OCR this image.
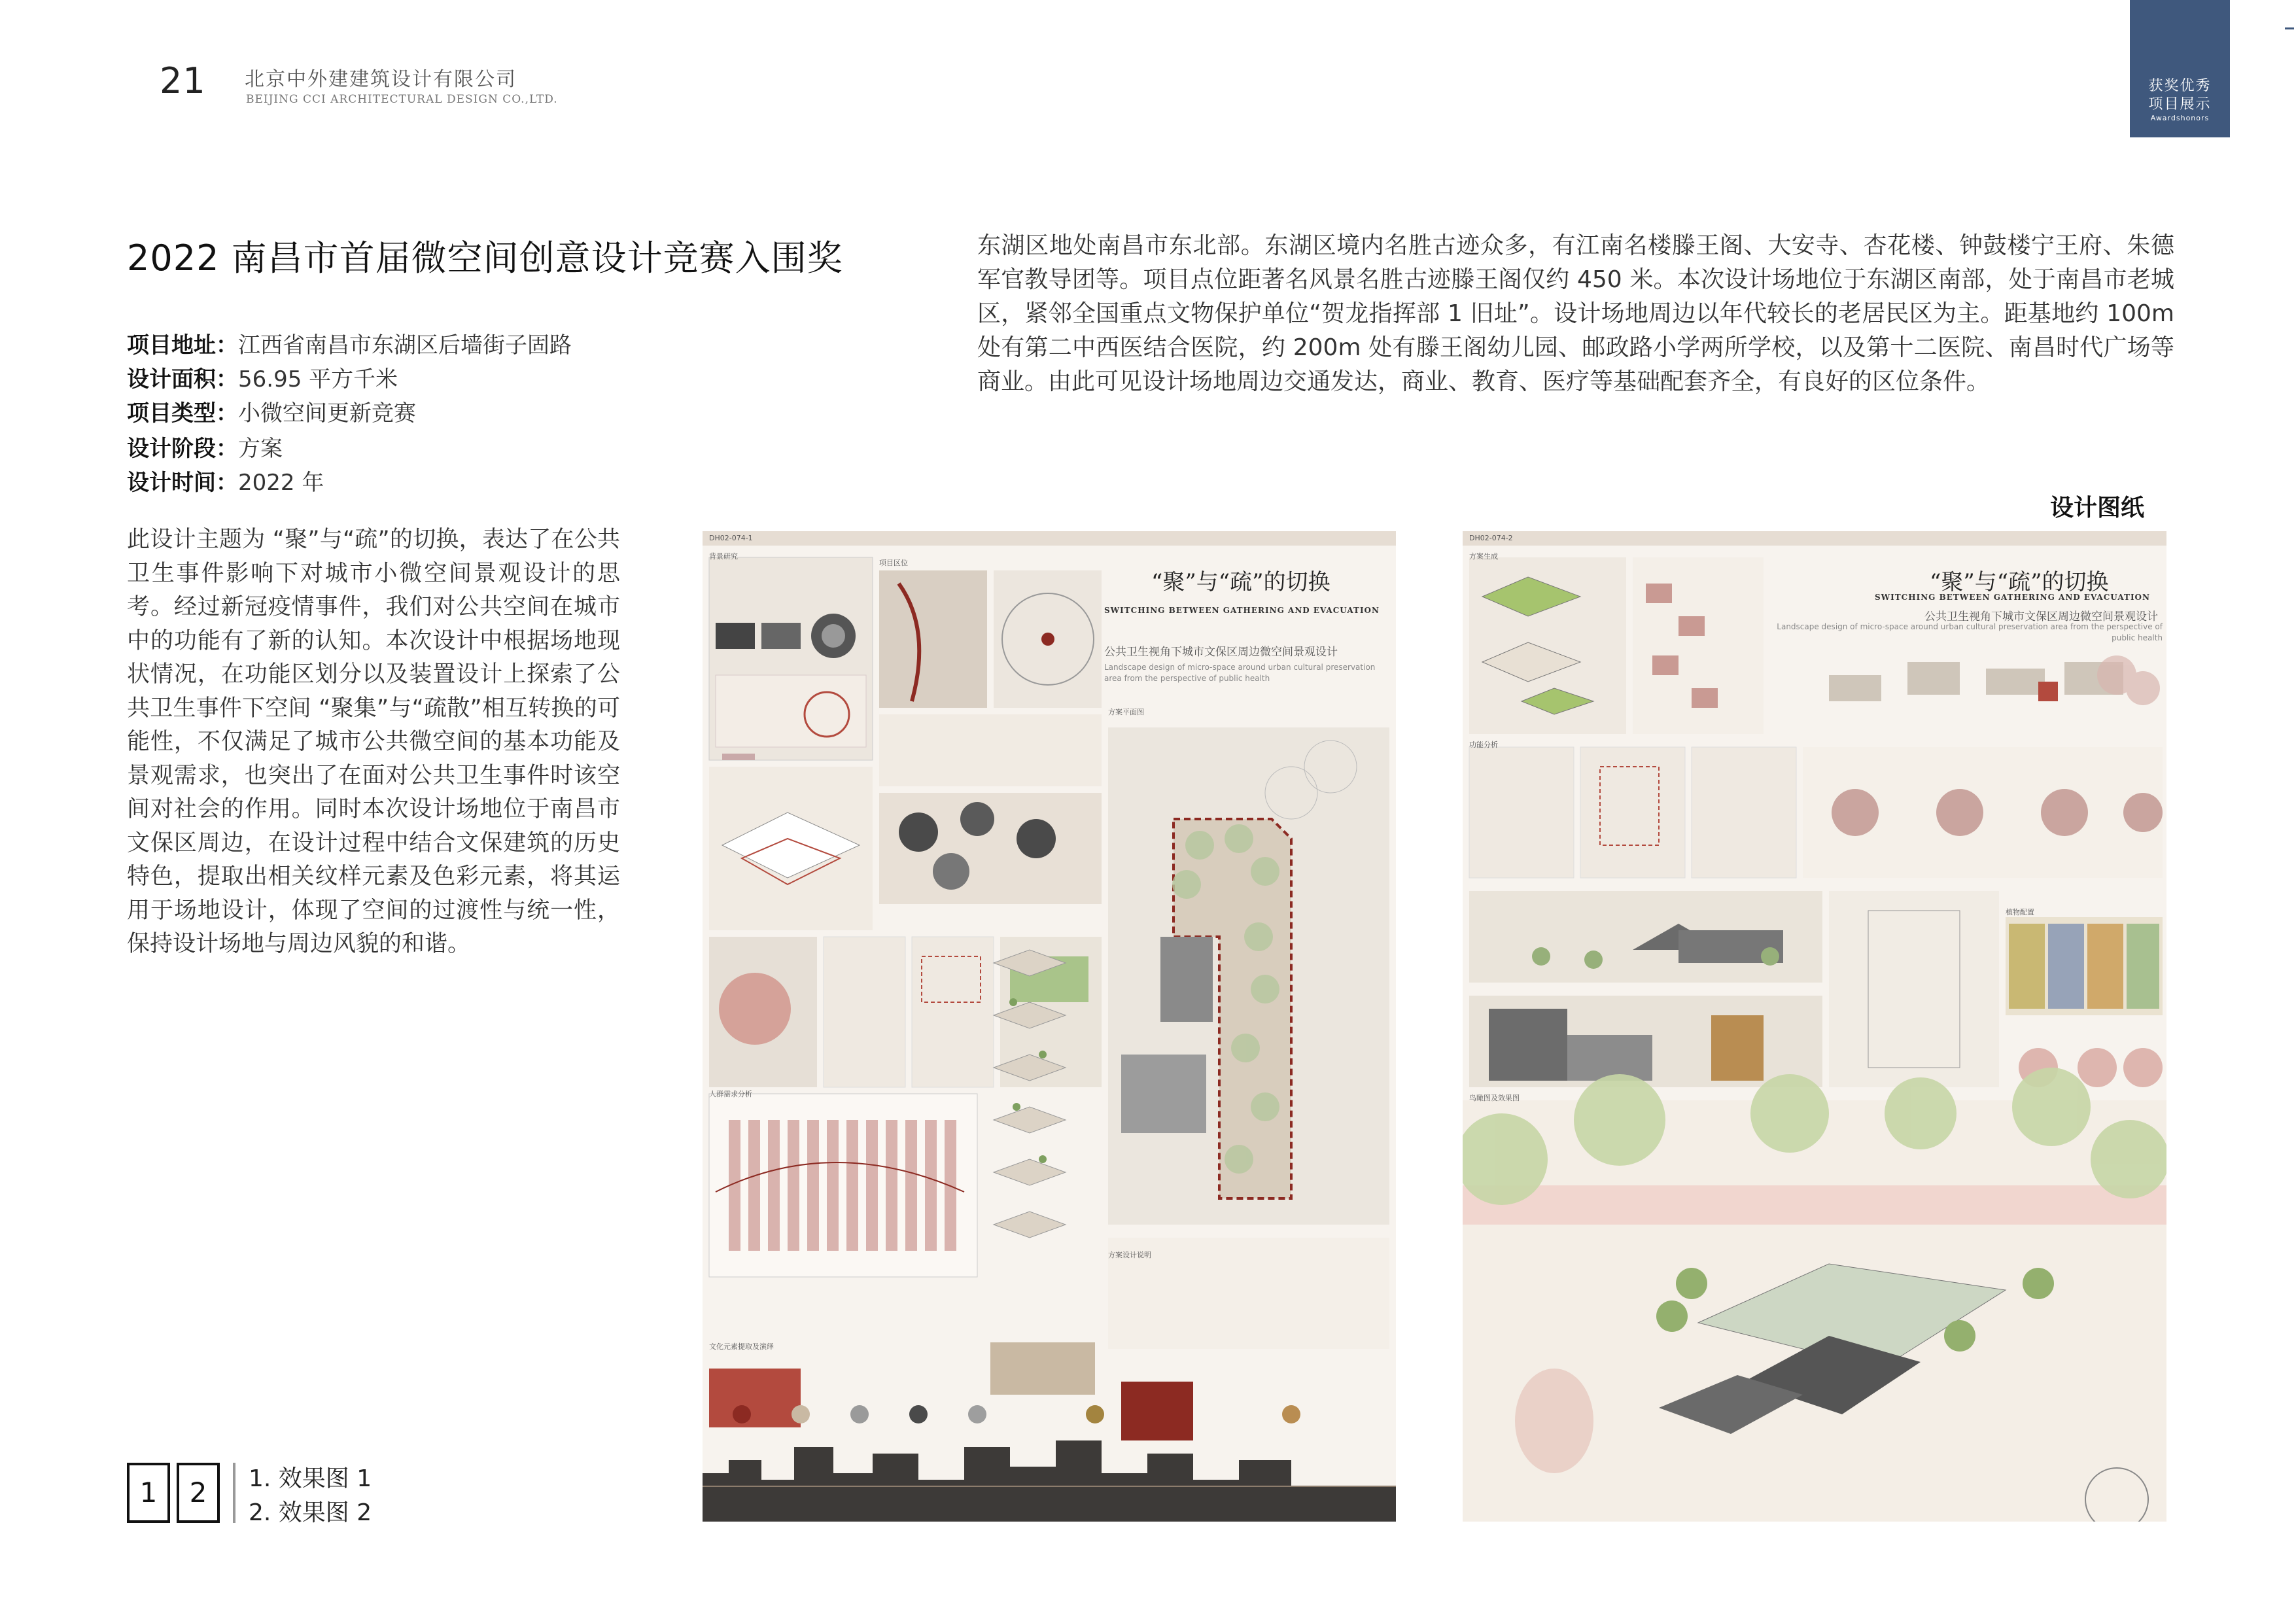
21 北京中外建建筑设计有限公司
BEIJING CCI ARCHITECTURAL DESIGN CO.,LTD.
获奖优秀
项目展示
Awardshonors
2022 南昌市首届微空间创意设计竞赛入围奖
项目地址：江西省南昌市东湖区后墙街子固路
设计面积：56.95 平方千米
项目类型：小微空间更新竞赛
设计阶段：方案
设计时间：2022 年
东湖区地处南昌市东北部。东湖区境内名胜古迹众多，有江南名楼滕王阁、大安寺、杏花楼、钟鼓楼宁王府、朱德军官教导团等。项目点位距著名风景名胜古迹滕王阁仅约 450 米。本次设计场地位于东湖区南部，处于南昌市老城区，紧邻全国重点文物保护单位“贺龙指挥部 1 旧址”。设计场地周边以年代较长的老居民区为主。距基地约 100m 处有第二中西医结合医院，约 200m 处有滕王阁幼儿园、邮政路小学两所学校，以及第十二医院、南昌时代广场等商业。由此可见设计场地周边交通发达，商业、教育、医疗等基础配套齐全，有良好的区位条件。
此设计主题为 “聚”与“疏”的切换，表达了在公共卫生事件影响下对城市小微空间景观设计的思考。经过新冠疫情事件，我们对公共空间在城市中的功能有了新的认知。本次设计中根据场地现状情况，在功能区划分以及装置设计上探索了公共卫生事件下空间 “聚集”与“疏散”相互转换的可能性，不仅满足了城市公共微空间的基本功能及景观需求，也突出了在面对公共卫生事件时该空间对社会的作用。同时本次设计场地位于南昌市文保区周边，在设计过程中结合文保建筑的历史特色，提取出相关纹样元素及色彩元素，将其运用于场地设计，体现了空间的过渡性与统一性，保持设计场地与周边风貌的和谐。
设计图纸
DH02-074-1
背景研究
项目区位
方案平面图
人群需求分析
文化元素提取及演绎
方案设计说明
“聚”与“疏”的切换
SWITCHING BETWEEN GATHERING AND EVACUATION
公共卫生视角下城市文保区周边微空间景观设计
Landscape design of micro-space around urban cultural preservation area from the perspective of public health
DH02-074-2
方案生成
功能分析
植物配置
鸟瞰图及效果图
“聚”与“疏”的切换
SWITCHING BETWEEN GATHERING AND EVACUATION
公共卫生视角下城市文保区周边微空间景观设计
Landscape design of micro-space around urban cultural preservation area from the perspective of public health
1	2	1. 效果图 1
2. 效果图 2
